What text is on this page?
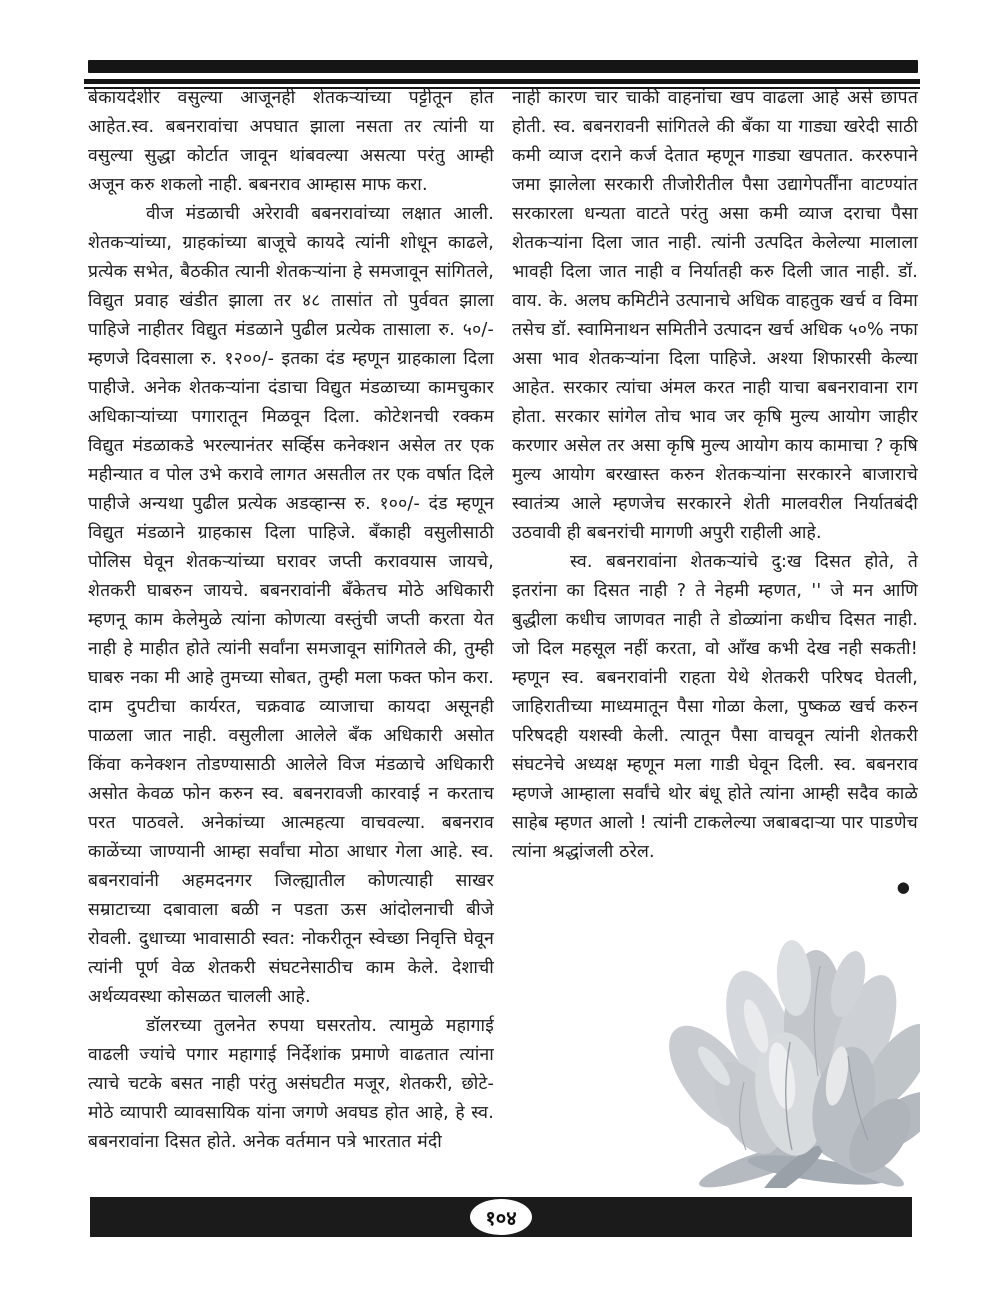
बेकायदेशीर वसुल्या आजूनही शेतकऱ्यांच्या पट्टीतून होत आहेत.स्व. बबनरावांचा अपघात झाला नसता तर त्यांनी या वसुल्या सुद्धा कोर्टात जावून थांबवल्या असत्या परंतु आम्ही अजून करु शकलो नाही. बबनराव आम्हास माफ करा.

वीज मंडळाची अरेरावी बबनरावांच्या लक्षात आली. शेतकऱ्यांच्या, ग्राहकांच्या बाजूचे कायदे त्यांनी शोधून काढले, प्रत्येक सभेत, बैठकीत त्यानी शेतकऱ्यांना हे समजावून सांगितले, विद्युत प्रवाह खंडीत झाला तर ४८ तासांत तो पुर्ववत झाला पाहिजे नाहीतर विद्युत मंडळाने पुढील प्रत्येक तासाला रु. ५०/- म्हणजे दिवसाला रु. १२००/- इतका दंड म्हणून ग्राहकाला दिला पाहीजे. अनेक शेतकऱ्यांना दंडाचा विद्युत मंडळाच्या कामचुकार अधिकाऱ्यांच्या पगारातून मिळवून दिला. कोटेशनची रक्कम विद्युत मंडळाकडे भरल्यानंतर सर्व्हिस कनेक्शन असेल तर एक महीन्यात व पोल उभे करावे लागत असतील तर एक वर्षात दिले पाहीजे अन्यथा पुढील प्रत्येक अडव्हान्स रु. १००/- दंड म्हणून विद्युत मंडळाने ग्राहकास दिला पाहिजे. बँकाही वसुलीसाठी पोलिस घेवून शेतकऱ्यांच्या घरावर जप्ती करावयास जायचे, शेतकरी घाबरुन जायचे. बबनरावांनी बँकेतच मोठे अधिकारी म्हणनू काम केलेमुळे त्यांना कोणत्या वस्तुंची जप्ती करता येत नाही हे माहीत होते त्यांनी सर्वांना समजावून सांगितले की, तुम्ही घाबरु नका मी आहे तुमच्या सोबत, तुम्ही मला फक्त फोन करा. दाम दुपटीचा कार्यरत, चक्रवाढ व्याजाचा कायदा असूनही पाळला जात नाही. वसुलीला आलेले बँक अधिकारी असोत किंवा कनेक्शन तोडण्यासाठी आलेले विज मंडळाचे अधिकारी असोत केवळ फोन करुन स्व. बबनरावजी कारवाई न करताच परत पाठवले. अनेकांच्या आत्महत्या वाचवल्या. बबनराव काळेंच्या जाण्यानी आम्हा सर्वांचा मोठा आधार गेला आहे. स्व. बबनरावांनी अहमदनगर जिल्ह्यातील कोणत्याही साखर सम्राटाच्या दबावाला बळी न पडता ऊस आंदोलनाची बीजे रोवली. दुधाच्या भावासाठी स्वत: नोकरीतून स्वेच्छा निवृत्ति घेवून त्यांनी पूर्ण वेळ शेतकरी संघटनेसाठीच काम केले. देशाची अर्थव्यवस्था कोसळत चालली आहे.

डॉलरच्या तुलनेत रुपया घसरतोय. त्यामुळे महागाई वाढली ज्यांचे पगार महागाई निर्देशांक प्रमाणे वाढतात त्यांना त्याचे चटके बसत नाही परंतु असंघटीत मजूर, शेतकरी, छोटे- मोठे व्यापारी व्यावसायिक यांना जगणे अवघड होत आहे, हे स्व. बबनरावांना दिसत होते. अनेक वर्तमान पत्रे भारतात मंदी

नाही कारण चार चाकी वाहनांचा खप वाढला आहे असे छापत होती. स्व. बबनरावनी सांगितले की बँका या गाड्या खरेदी साठी कमी व्याज दराने कर्ज देतात म्हणून गाड्या खपतात. कररुपाने जमा झालेला सरकारी तीजोरीतील पैसा उद्यागेपर्तींना वाटण्यांत सरकारला धन्यता वाटते परंतु असा कमी व्याज दराचा पैसा शेतकऱ्यांना दिला जात नाही. त्यांनी उत्पदित केलेल्या मालाला भावही दिला जात नाही व निर्यातही करु दिली जात नाही. डॉ. वाय. के. अलघ कमिटीने उत्पानाचे अधिक वाहतुक खर्च व विमा तसेच डॉ. स्वामिनाथन समितीने उत्पादन खर्च अधिक ५०% नफा असा भाव शेतकऱ्यांना दिला पाहिजे. अश्या शिफारसी केल्या आहेत. सरकार त्यांचा अंमल करत नाही याचा बबनरावाना राग होता. सरकार सांगेल तोच भाव जर कृषि मुल्य आयोग जाहीर करणार असेल तर असा कृषि मुल्य आयोग काय कामाचा ? कृषि मुल्य आयोग बरखास्त करुन शेतकऱ्यांना सरकारने बाजाराचे स्वातंत्र्य आले म्हणजेच सरकारने शेती मालवरील निर्यातबंदी उठवावी ही बबनरांची मागणी अपुरी राहीली आहे.

स्व. बबनरावांना शेतकऱ्यांचे दु:ख दिसत होते, ते इतरांना का दिसत नाही ? ते नेहमी म्हणत, '' जे मन आणि बुद्धीला कधीच जाणवत नाही ते डोळ्यांना कधीच दिसत नाही. जो दिल महसूल नहीं करता, वो आँख कभी देख नही सकती! म्हणून स्व. बबनरावांनी राहता येथे शेतकरी परिषद घेतली, जाहिरातीच्या माध्यमातून पैसा गोळा केला, पुष्कळ खर्च करुन परिषदही यशस्वी केली. त्यातून पैसा वाचवून त्यांनी शेतकरी संघटनेचे अध्यक्ष म्हणून मला गाडी घेवून दिली. स्व. बबनराव म्हणजे आम्हाला सर्वांचे थोर बंधू होते त्यांना आम्ही सदैव काळे साहेब म्हणत आलो ! त्यांनी टाकलेल्या जबाबदाऱ्या पार पाडणेच त्यांना श्रद्धांजली ठरेल.

●
१०४
